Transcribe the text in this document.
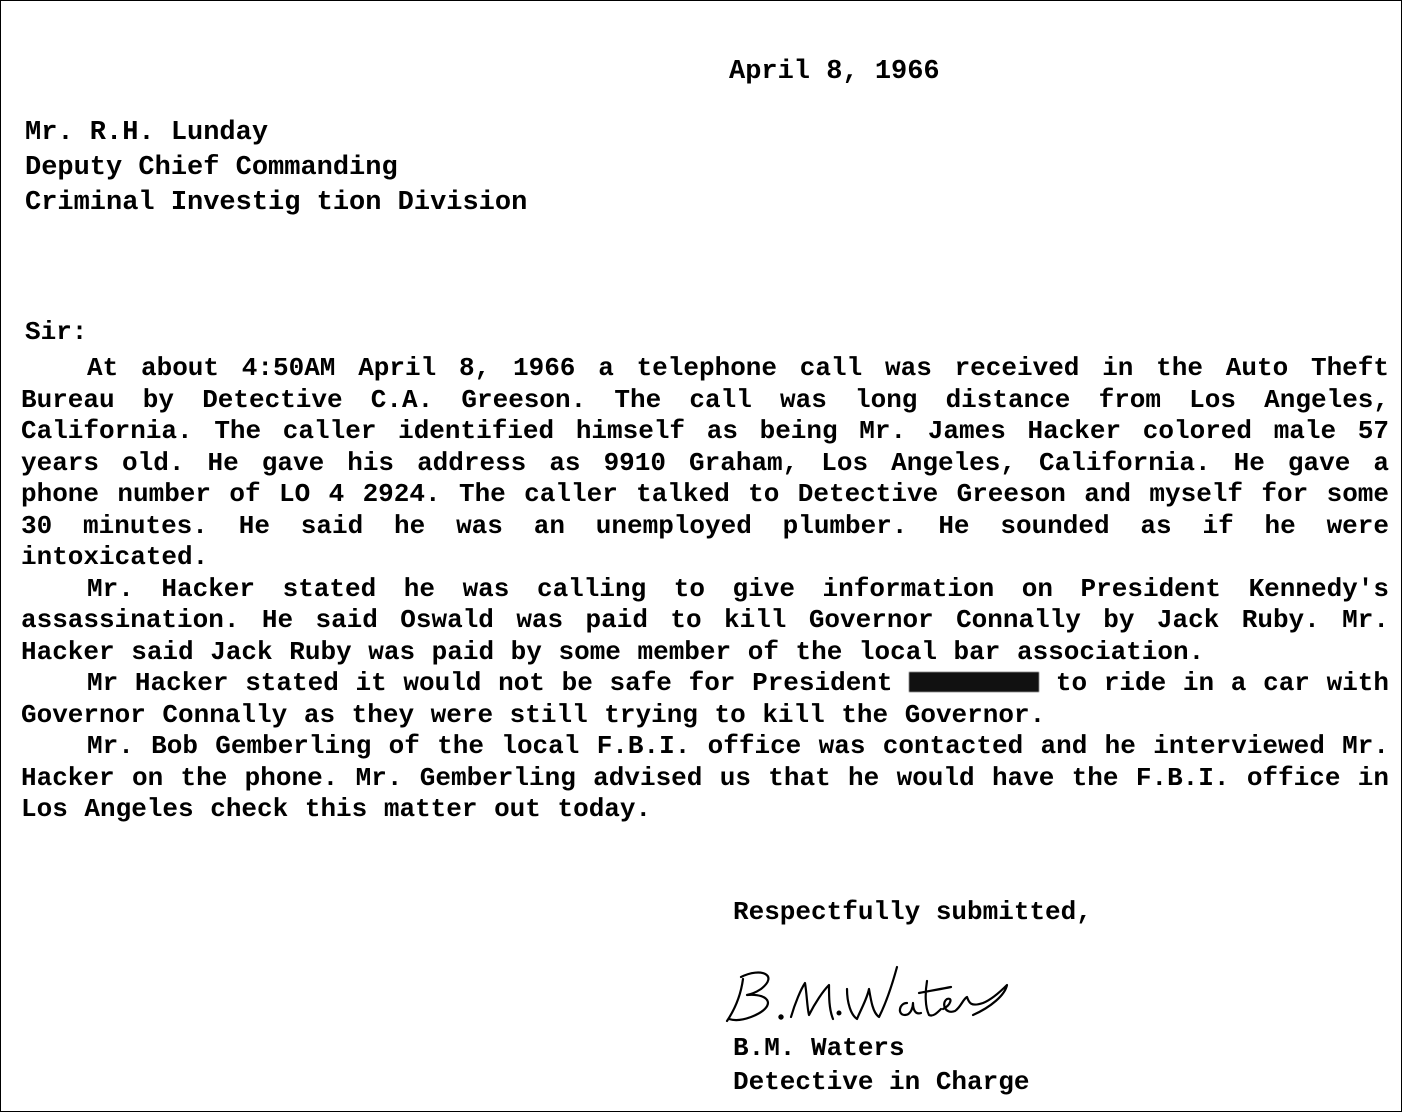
April 8, 1966
Mr. R.H. Lunday
Deputy Chief Commanding
Criminal Investig tion Division
Sir:

At about 4:50AM April 8, 1966 a telephone call was received in the Auto Theft Bureau by Detective C.A. Greeson. The call was long distance from Los Angeles, California. The caller identified himself as being Mr. James Hacker colored male 57 years old. He gave his address as 9910 Graham, Los Angeles, California. He gave a phone number of LO 4 2924. The caller talked to Detective Greeson and myself for some 30 minutes. He said he was an unemployed plumber. He sounded as if he were intoxicated.

Mr. Hacker stated he was calling to give information on President Kennedy's assassination. He said Oswald was paid to kill Governor Connally by Jack Ruby. Mr. Hacker said Jack Ruby was paid by some member of the local bar association.

Mr Hacker stated it would not be safe for President	to ride in a car with Governor Connally as they were still trying to kill the Governor.

Mr. Bob Gemberling of the local F.B.I. office was contacted and he interviewed Mr. Hacker on the phone. Mr. Gemberling advised us that he would have the F.B.I. office in Los Angeles check this matter out today.

Respectfully submitted,
B.M. Waters
Detective in Charge
